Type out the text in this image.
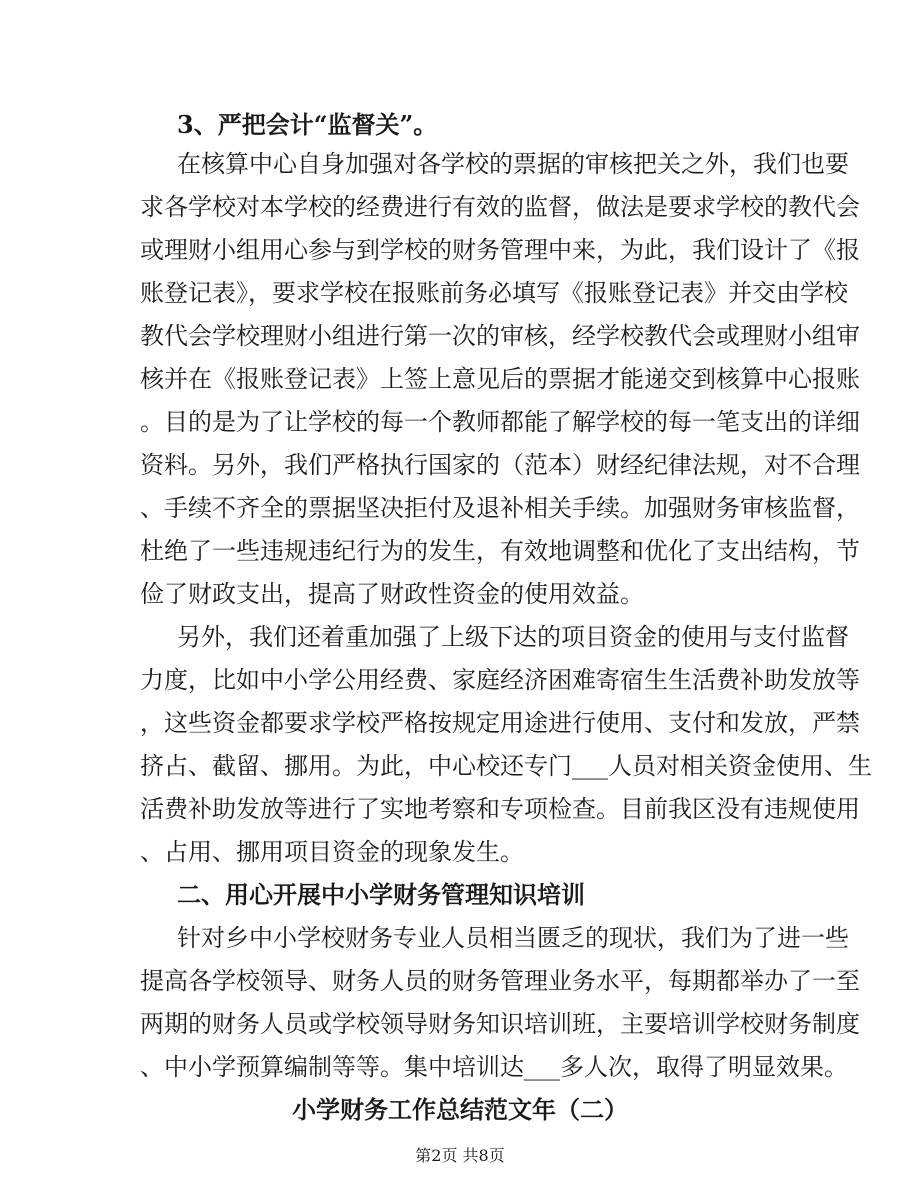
3、严把会计“监督关”。
在核算中心自身加强对各学校的票据的审核把关之外，我们也要
求各学校对本学校的经费进行有效的监督，做法是要求学校的教代会
或理财小组用心参与到学校的财务管理中来，为此，我们设计了《报
账登记表》，要求学校在报账前务必填写《报账登记表》并交由学校
教代会学校理财小组进行第一次的审核，经学校教代会或理财小组审
核并在《报账登记表》上签上意见后的票据才能递交到核算中心报账
。目的是为了让学校的每一个教师都能了解学校的每一笔支出的详细
资料。另外，我们严格执行国家的（范本）财经纪律法规，对不合理
、手续不齐全的票据坚决拒付及退补相关手续。加强财务审核监督，
杜绝了一些违规违纪行为的发生，有效地调整和优化了支出结构，节
俭了财政支出，提高了财政性资金的使用效益。
另外，我们还着重加强了上级下达的项目资金的使用与支付监督
力度，比如中小学公用经费、家庭经济困难寄宿生生活费补助发放等
，这些资金都要求学校严格按规定用途进行使用、支付和发放，严禁
挤占、截留、挪用。为此，中心校还专门___人员对相关资金使用、生
活费补助发放等进行了实地考察和专项检查。目前我区没有违规使用
、占用、挪用项目资金的现象发生。
二、用心开展中小学财务管理知识培训
针对乡中小学校财务专业人员相当匮乏的现状，我们为了进一些
提高各学校领导、财务人员的财务管理业务水平，每期都举办了一至
两期的财务人员或学校领导财务知识培训班，主要培训学校财务制度
、中小学预算编制等等。集中培训达___多人次，取得了明显效果。
小学财务工作总结范文年（二）
第2页 共8页
